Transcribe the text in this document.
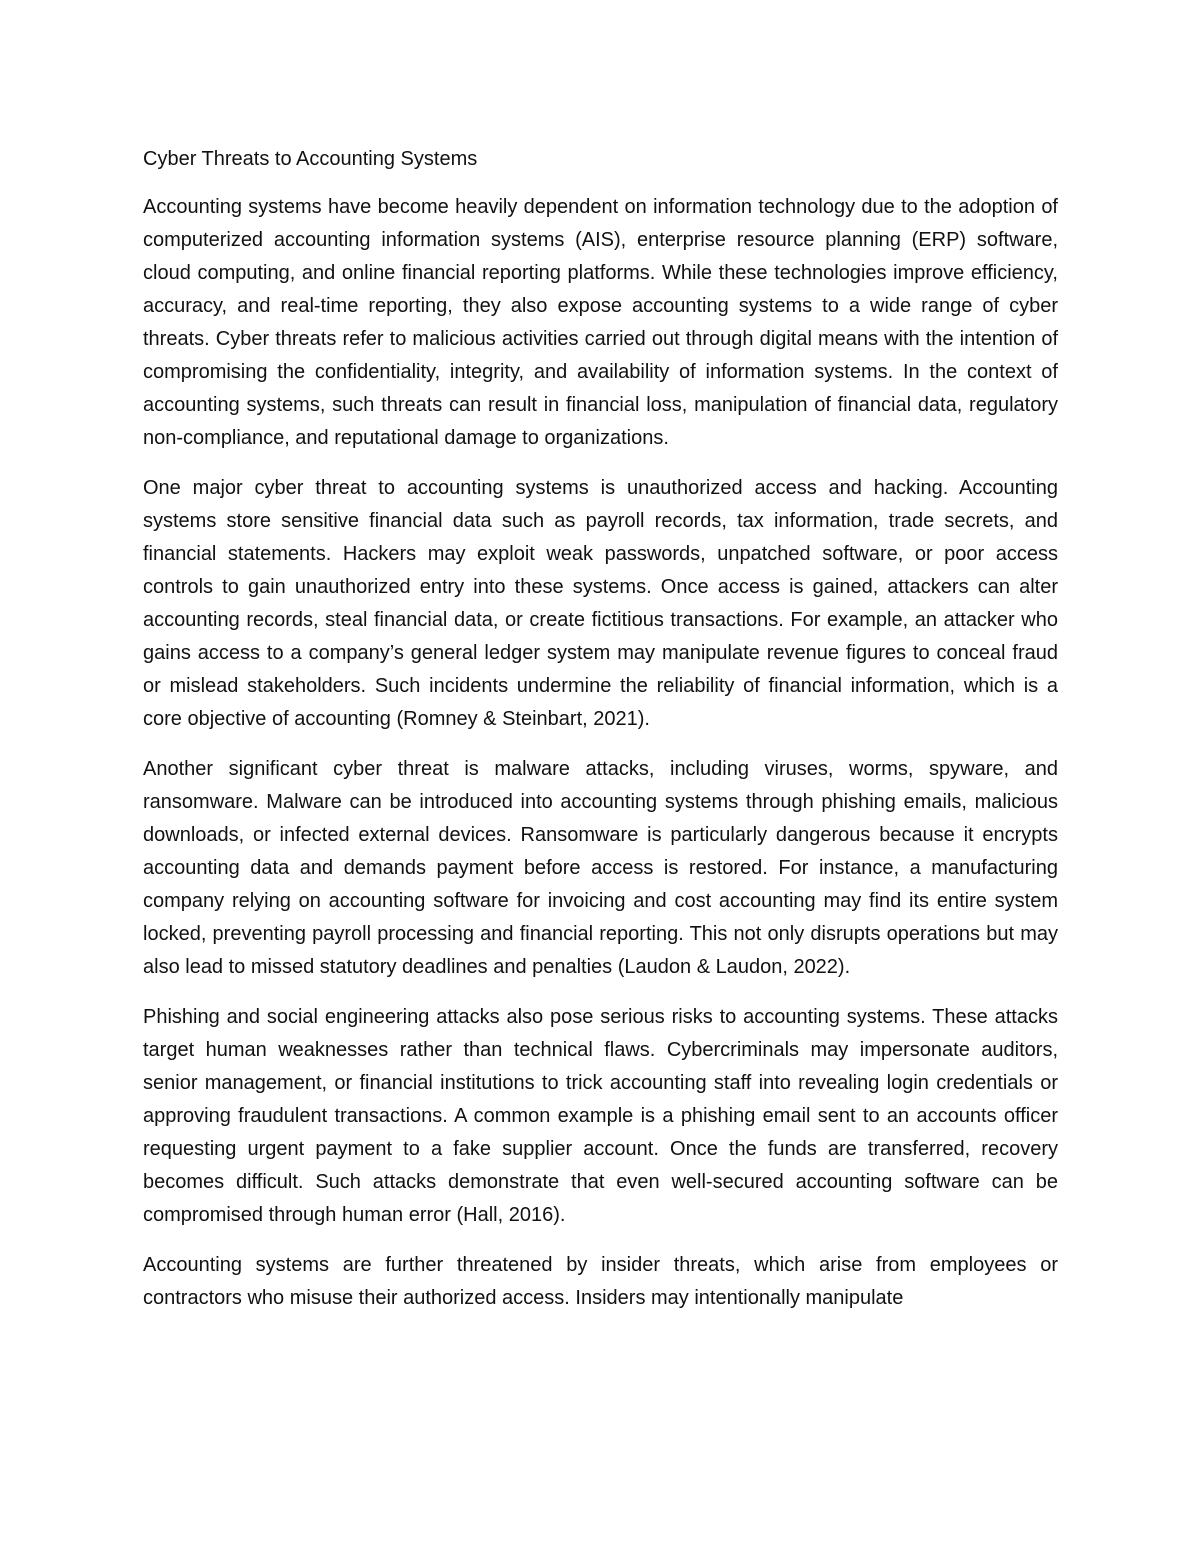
Cyber Threats to Accounting Systems

Accounting systems have become heavily dependent on information technology due to the adoption of computerized accounting information systems (AIS), enterprise resource planning (ERP) software, cloud computing, and online financial reporting platforms. While these technologies improve efficiency, accuracy, and real-time reporting, they also expose accounting systems to a wide range of cyber threats. Cyber threats refer to malicious activities carried out through digital means with the intention of compromising the confidentiality, integrity, and availability of information systems. In the context of accounting systems, such threats can result in financial loss, manipulation of financial data, regulatory non-compliance, and reputational damage to organizations.

One major cyber threat to accounting systems is unauthorized access and hacking. Accounting systems store sensitive financial data such as payroll records, tax information, trade secrets, and financial statements. Hackers may exploit weak passwords, unpatched software, or poor access controls to gain unauthorized entry into these systems. Once access is gained, attackers can alter accounting records, steal financial data, or create fictitious transactions. For example, an attacker who gains access to a company’s general ledger system may manipulate revenue figures to conceal fraud or mislead stakeholders. Such incidents undermine the reliability of financial information, which is a core objective of accounting (Romney & Steinbart, 2021).

Another significant cyber threat is malware attacks, including viruses, worms, spyware, and ransomware. Malware can be introduced into accounting systems through phishing emails, malicious downloads, or infected external devices. Ransomware is particularly dangerous because it encrypts accounting data and demands payment before access is restored. For instance, a manufacturing company relying on accounting software for invoicing and cost accounting may find its entire system locked, preventing payroll processing and financial reporting. This not only disrupts operations but may also lead to missed statutory deadlines and penalties (Laudon & Laudon, 2022).

Phishing and social engineering attacks also pose serious risks to accounting systems. These attacks target human weaknesses rather than technical flaws. Cybercriminals may impersonate auditors, senior management, or financial institutions to trick accounting staff into revealing login credentials or approving fraudulent transactions. A common example is a phishing email sent to an accounts officer requesting urgent payment to a fake supplier account. Once the funds are transferred, recovery becomes difficult. Such attacks demonstrate that even well-secured accounting software can be compromised through human error (Hall, 2016).

Accounting systems are further threatened by insider threats, which arise from employees or contractors who misuse their authorized access. Insiders may intentionally manipulate
